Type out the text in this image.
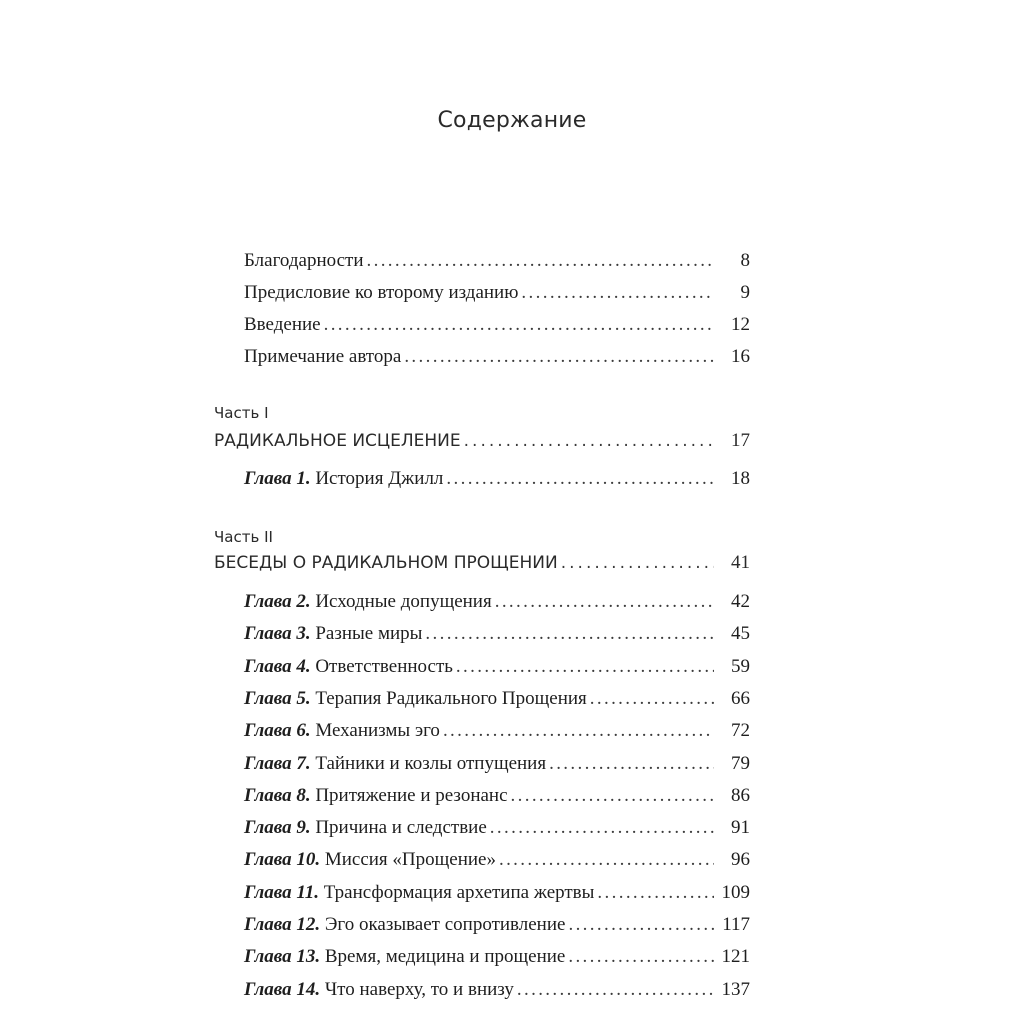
Содержание
Благодарности . . .	8
Предисловие ко второму изданию . . .	9
Введение . . .	12
Примечание автора . . .	16
Часть I
РАДИКАЛЬНОЕ ИСЦЕЛЕНИЕ . . .	17
Глава 1. История Джилл . . .	18
Часть II
БЕСЕДЫ О РАДИКАЛЬНОМ ПРОЩЕНИИ . . .	41
Глава 2. Исходные допущения . . .	42
Глава 3. Разные миры . . .	45
Глава 4. Ответственность . . .	59
Глава 5. Терапия Радикального Прощения . . .	66
Глава 6. Механизмы эго . . .	72
Глава 7. Тайники и козлы отпущения . . .	79
Глава 8. Притяжение и резонанс . . .	86
Глава 9. Причина и следствие . . .	91
Глава 10. Миссия «Прощение» . . .	96
Глава 11. Трансформация архетипа жертвы . . .	109
Глава 12. Эго оказывает сопротивление . . .	117
Глава 13. Время, медицина и прощение . . .	121
Глава 14. Что наверху, то и внизу . . .	137
